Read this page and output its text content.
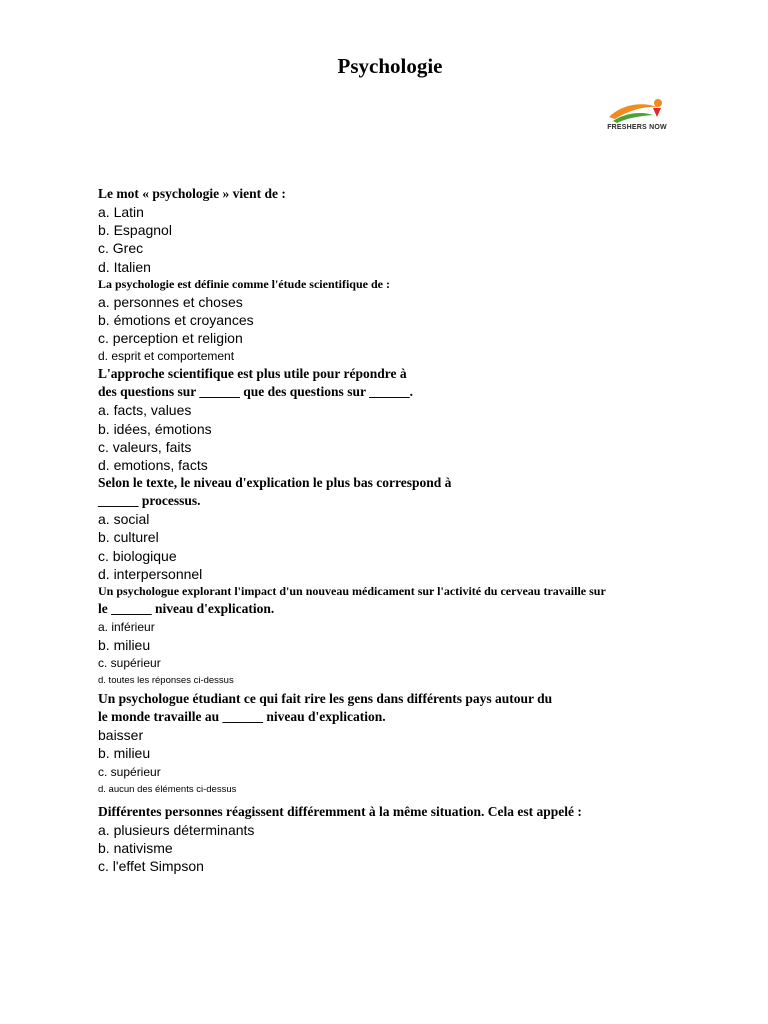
Psychologie
FRESHERS NOW
Le mot « psychologie » vient de :
a. Latin
b. Espagnol
c. Grec
d. Italien
La psychologie est définie comme l'étude scientifique de :
a. personnes et choses
b. émotions et croyances
c. perception et religion
d. esprit et comportement
L'approche scientifique est plus utile pour répondre à
des questions sur ______ que des questions sur ______.
a. facts, values
b. idées, émotions
c. valeurs, faits
d. emotions, facts
Selon le texte, le niveau d'explication le plus bas correspond à
______ processus.
a. social
b. culturel
c. biologique
d. interpersonnel
Un psychologue explorant l'impact d'un nouveau médicament sur l'activité du cerveau travaille sur
le ______ niveau d'explication.
a. inférieur
b. milieu
c. supérieur
d. toutes les réponses ci-dessus
Un psychologue étudiant ce qui fait rire les gens dans différents pays autour du
le monde travaille au ______ niveau d'explication.
baisser
b. milieu
c. supérieur
d. aucun des éléments ci-dessus
Différentes personnes réagissent différemment à la même situation. Cela est appelé :
a. plusieurs déterminants
b. nativisme
c. l'effet Simpson
